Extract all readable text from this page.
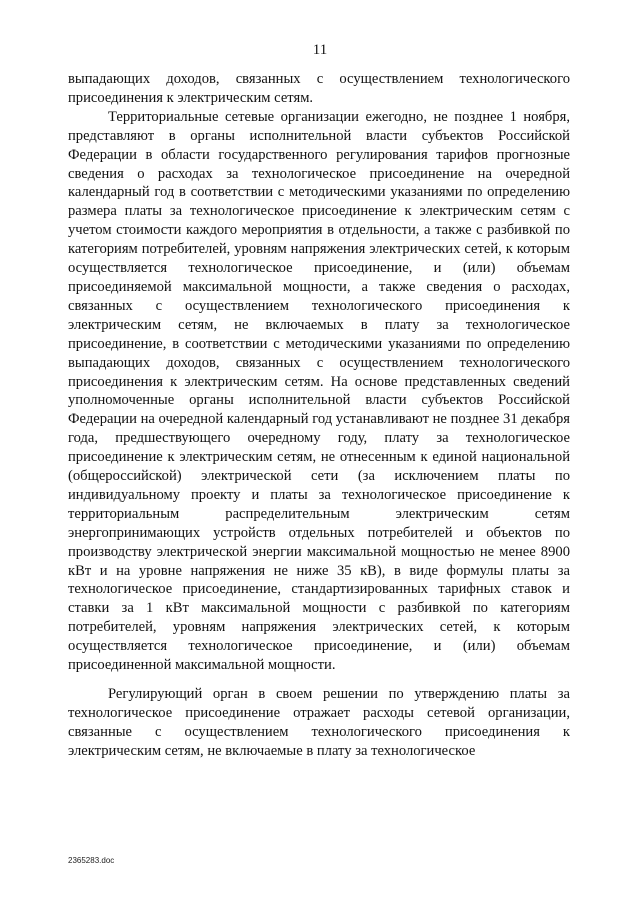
11

выпадающих доходов, связанных с осуществлением технологического присоединения к электрическим сетям.

Территориальные сетевые организации ежегодно, не позднее 1 ноября, представляют в органы исполнительной власти субъектов Российской Федерации в области государственного регулирования тарифов прогнозные сведения о расходах за технологическое присоединение на очередной календарный год в соответствии с методическими указаниями по определению размера платы за технологическое присоединение к электрическим сетям с учетом стоимости каждого мероприятия в отдельности, а также с разбивкой по категориям потребителей, уровням напряжения электрических сетей, к которым осуществляется технологическое присоединение, и (или) объемам присоединяемой максимальной мощности, а также сведения о расходах, связанных с осуществлением технологического присоединения к электрическим сетям, не включаемых в плату за технологическое присоединение, в соответствии с методическими указаниями по определению выпадающих доходов, связанных с осуществлением технологического присоединения к электрическим сетям. На основе представленных сведений уполномоченные органы исполнительной власти субъектов Российской Федерации на очередной календарный год устанавливают не позднее 31 декабря года, предшествующего очередному году, плату за технологическое присоединение к электрическим сетям, не отнесенным к единой национальной (общероссийской) электрической сети (за исключением платы по индивидуальному проекту и платы за технологическое присоединение к территориальным распределительным электрическим сетям энергопринимающих устройств отдельных потребителей и объектов по производству электрической энергии максимальной мощностью не менее 8900 кВт и на уровне напряжения не ниже 35 кВ), в виде формулы платы за технологическое присоединение, стандартизированных тарифных ставок и ставки за 1 кВт максимальной мощности с разбивкой по категориям потребителей, уровням напряжения электрических сетей, к которым осуществляется технологическое присоединение, и (или) объемам присоединенной максимальной мощности.

Регулирующий орган в своем решении по утверждению платы за технологическое присоединение отражает расходы сетевой организации, связанные с осуществлением технологического присоединения к электрическим сетям, не включаемые в плату за технологическое

2365283.doc
